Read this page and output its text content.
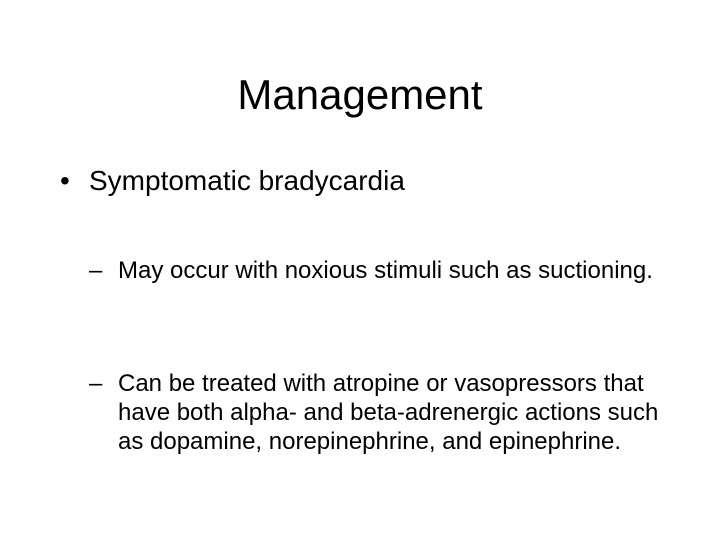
Management
• Symptomatic bradycardia
– May occur with noxious stimuli such as suctioning.
– Can be treated with atropine or vasopressors that have both alpha- and beta-adrenergic actions such as dopamine, norepinephrine, and epinephrine.
